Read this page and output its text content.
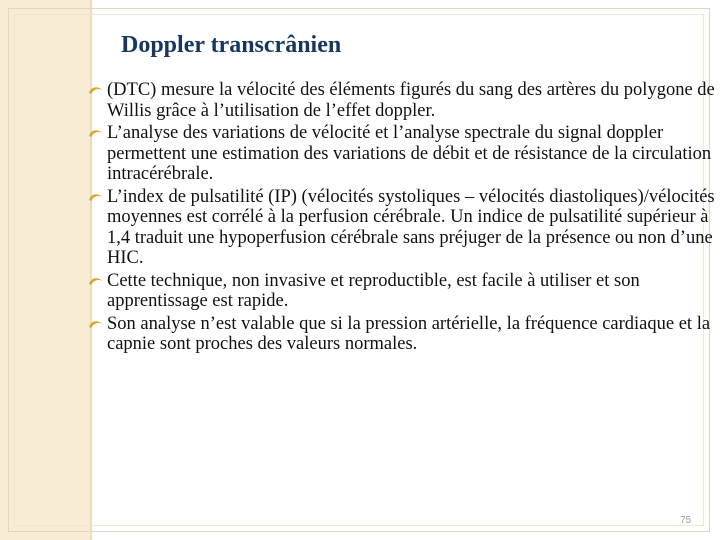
Doppler transcrânien
(DTC) mesure la vélocité des éléments figurés du sang des artères du polygone de Willis grâce à l’utilisation de l’effet doppler.
L’analyse des variations de vélocité et l’analyse spectrale du signal doppler permettent une estimation des variations de débit et de résistance de la circulation intracérébrale.
L’index de pulsatilité (IP) (vélocités systoliques – vélocités diastoliques)/vélocités moyennes est corrélé à la perfusion cérébrale. Un indice de pulsatilité supérieur à 1,4 traduit une hypoperfusion cérébrale sans préjuger de la présence ou non d’une HIC.
Cette technique, non invasive et reproductible, est facile à utiliser et son apprentissage est rapide.
Son analyse n’est valable que si la pression artérielle, la fréquence cardiaque et la capnie sont proches des valeurs normales.
75
